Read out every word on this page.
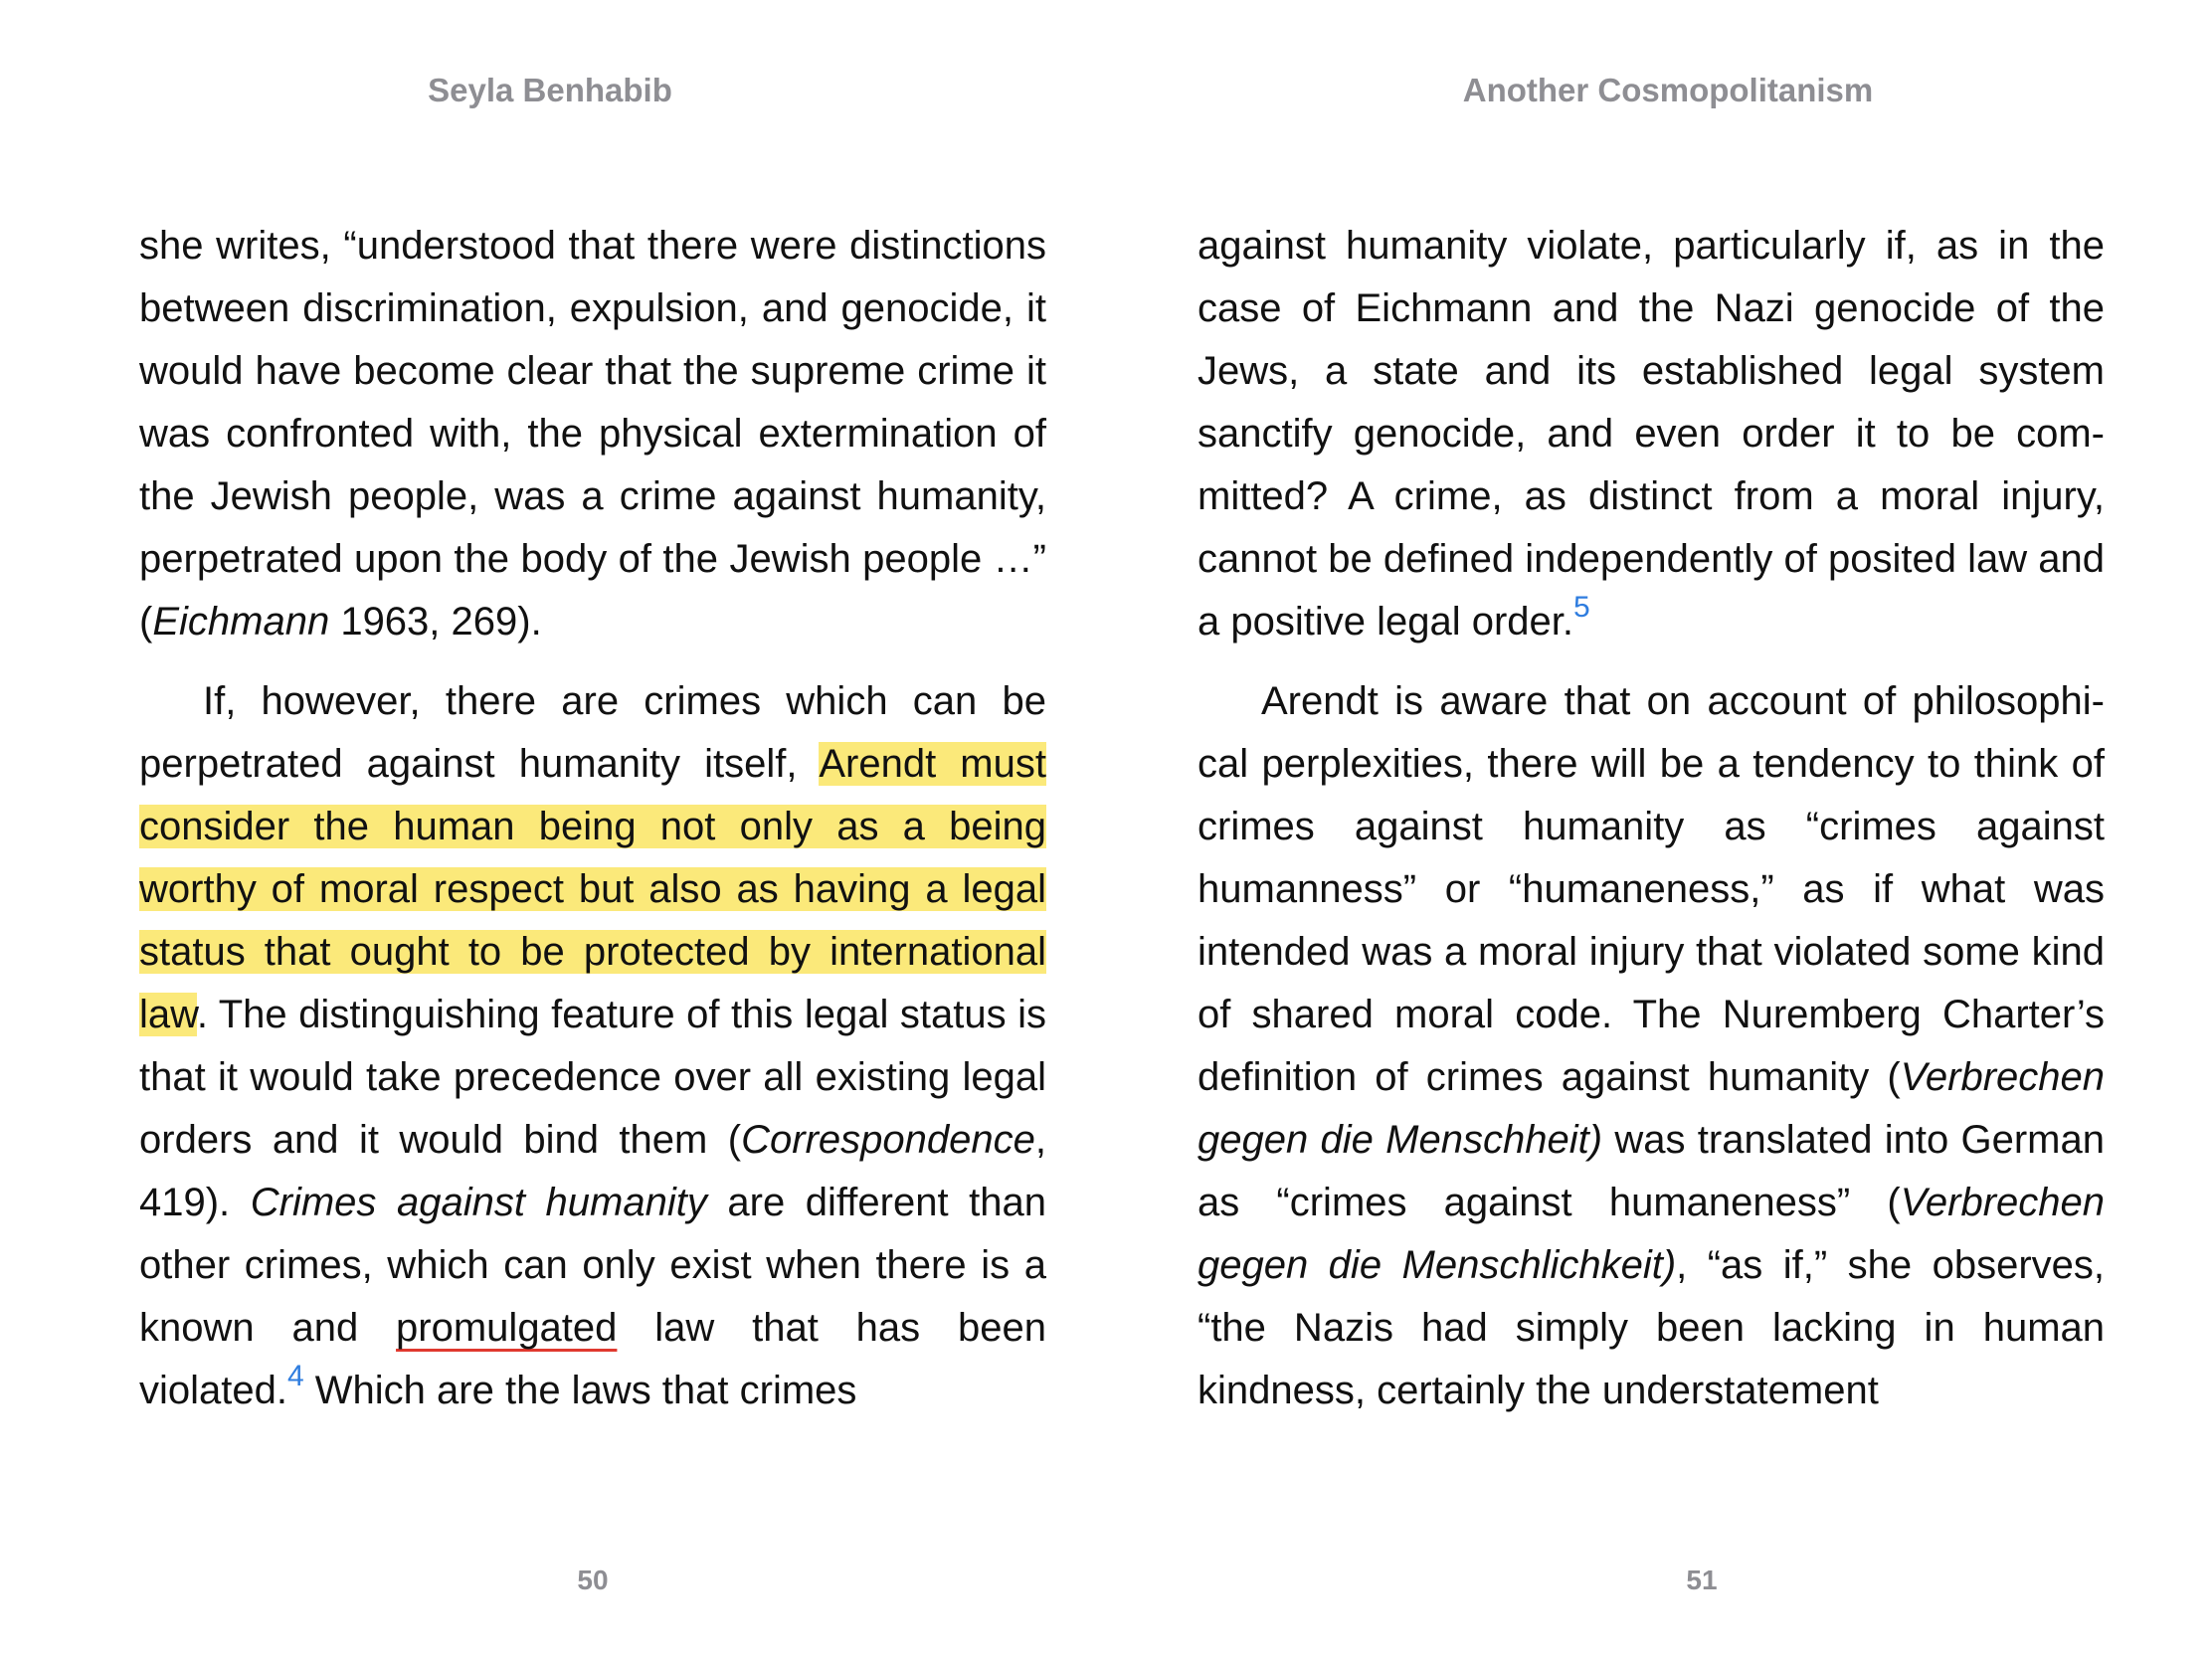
Seyla Benhabib

she writes, “understood that there were distinctions between discrimination, expulsion, and genocide, it would have become clear that the supreme crime it was confronted with, the physical extermination of the Jewish people, was a crime against humanity, perpetrated upon the body of the Jewish people …” (Eichmann 1963, 269).

If, however, there are crimes which can be perpetrated against humanity itself, Arendt must consider the human being not only as a being worthy of moral respect but also as having a legal status that ought to be protected by international law. The distinguishing feature of this legal status is that it would take precedence over all existing legal orders and it would bind them (Correspondence, 419). Crimes against humanity are different than other crimes, which can only exist when there is a known and promulgated law that has been violated.$^4$ Which are the laws that crimes

50
Another Cosmopolitanism

against humanity violate, particularly if, as in the case of Eichmann and the Nazi genocide of the Jews, a state and its established legal system sanctify genocide, and even order it to be committed? A crime, as distinct from a moral injury, cannot be defined independently of posited law and a positive legal order.$^5$

Arendt is aware that on account of philosophical perplexities, there will be a tendency to think of crimes against humanity as “crimes against humanness” or “humaneness,” as if what was intended was a moral injury that violated some kind of shared moral code. The Nuremberg Charter’s definition of crimes against humanity (Verbrechen gegen die Menschheit) was translated into German as “crimes against humaneness” (Verbrechen gegen die Menschlichkeit), “as if,” she observes, “the Nazis had simply been lacking in human kindness, certainly the understatement

51
